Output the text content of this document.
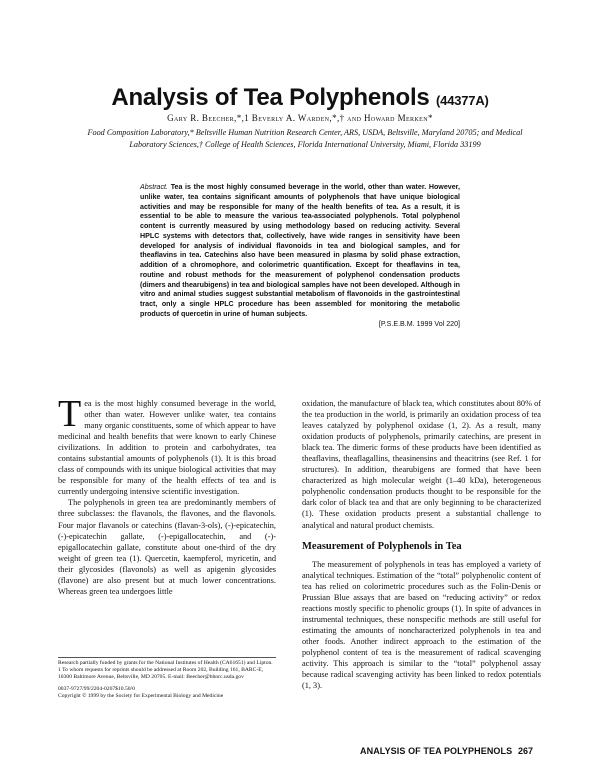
Analysis of Tea Polyphenols (44377A)
Gary R. Beecher,*,1 Beverly A. Warden,*,† and Howard Merken*
Food Composition Laboratory,* Beltsville Human Nutrition Research Center, ARS, USDA, Beltsville, Maryland 20705; and Medical Laboratory Sciences,† College of Health Sciences, Florida International University, Miami, Florida 33199
Abstract. Tea is the most highly consumed beverage in the world, other than water. However, unlike water, tea contains significant amounts of polyphenols that have unique biological activities and may be responsible for many of the health benefits of tea. As a result, it is essential to be able to measure the various tea-associated polyphenols. Total polyphenol content is currently measured by using methodology based on reducing activity. Several HPLC systems with detectors that, collectively, have wide ranges in sensitivity have been developed for analysis of individual flavonoids in tea and biological samples, and for theaflavins in tea. Catechins also have been measured in plasma by solid phase extraction, addition of a chromophore, and colorimetric quantification. Except for theaflavins in tea, routine and robust methods for the measurement of polyphenol condensation products (dimers and thearubigens) in tea and biological samples have not been developed. Although in vitro and animal studies suggest substantial metabolism of flavonoids in the gastrointestinal tract, only a single HPLC procedure has been assembled for monitoring the metabolic products of quercetin in urine of human subjects.
[P.S.E.B.M. 1999 Vol 220]

Tea is the most highly consumed beverage in the world, other than water. However unlike water, tea contains many organic constituents, some of which appear to have medicinal and health benefits that were known to early Chinese civilizations. In addition to protein and carbohydrates, tea contains substantial amounts of polyphenols (1). It is this broad class of compounds with its unique biological activities that may be responsible for many of the health effects of tea and is currently undergoing intensive scientific investigation.

The polyphenols in green tea are predominantly members of three subclasses: the flavanols, the flavones, and the flavonols. Four major flavanols or catechins (flavan-3-ols), (-)-epicatechin, (-)-epicatechin gallate, (-)-epigallocatechin, and (-)-epigallocatechin gallate, constitute about one-third of the dry weight of green tea (1). Quercetin, kaempferol, myricetin, and their glycosides (flavonols) as well as apigenin glycosides (flavone) are also present but at much lower concentrations. Whereas green tea undergoes little

oxidation, the manufacture of black tea, which constitutes about 80% of the tea production in the world, is primarily an oxidation process of tea leaves catalyzed by polyphenol oxidase (1, 2). As a result, many oxidation products of polyphenols, primarily catechins, are present in black tea. The dimeric forms of these products have been identified as theaflavins, theaflagallins, theasinensins and theacitrins (see Ref. 1 for structures). In addition, thearubigens are formed that have been characterized as high molecular weight (1–40 kDa), heterogeneous polyphenolic condensation products thought to be responsible for the dark color of black tea and that are only beginning to be characterized (1). These oxidation products present a substantial challenge to analytical and natural product chemists.

Measurement of Polyphenols in Tea

The measurement of polyphenols in teas has employed a variety of analytical techniques. Estimation of the “total” polyphenolic content of tea has relied on colorimetric procedures such as the Folin-Denis or Prussian Blue assays that are based on “reducing activity” or redox reactions mostly specific to phenolic groups (1). In spite of advances in instrumental techniques, these nonspecific methods are still useful for estimating the amounts of noncharacterized polyphenols in tea and other foods. Another indirect approach to the estimation of the polyphenol content of tea is the measurement of radical scavenging activity. This approach is similar to the “total” polyphenol assay because radical scavenging activity has been linked to redox potentials (1, 3).

Research partially funded by grants for the National Institutes of Health (CA61651) and Lipton.

1 To whom requests for reprints should be addressed at Room 202, Building 161, BARC-E, 10300 Baltimore Avenue, Beltsville, MD 20705. E-mail: Beecher@bhnrc.usda.gov

0037-9727/99/2204-0267$10.50/0

Copyright © 1999 by the Society for Experimental Biology and Medicine

ANALYSIS OF TEA POLYPHENOLS 267
